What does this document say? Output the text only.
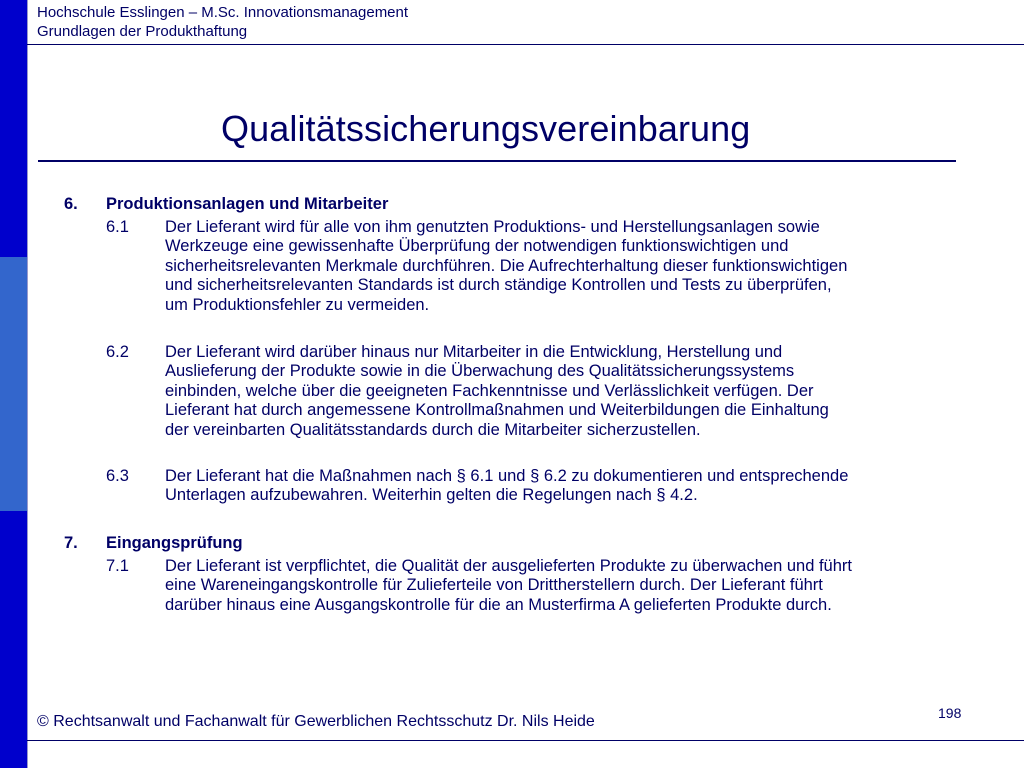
Hochschule Esslingen – M.Sc. Innovationsmanagement
Grundlagen der Produkthaftung
Qualitätssicherungsvereinbarung
6. Produktionsanlagen und Mitarbeiter
6.1 Der Lieferant wird für alle von ihm genutzten Produktions- und Herstellungsanlagen sowie
Werkzeuge eine gewissenhafte Überprüfung der notwendigen funktionswichtigen und
sicherheitsrelevanten Merkmale durchführen. Die Aufrechterhaltung dieser funktionswichtigen
und sicherheitsrelevanten Standards ist durch ständige Kontrollen und Tests zu überprüfen,
um Produktionsfehler zu vermeiden.
6.2 Der Lieferant wird darüber hinaus nur Mitarbeiter in die Entwicklung, Herstellung und
Auslieferung der Produkte sowie in die Überwachung des Qualitätssicherungssystems
einbinden, welche über die geeigneten Fachkenntnisse und Verlässlichkeit verfügen. Der
Lieferant hat durch angemessene Kontrollmaßnahmen und Weiterbildungen die Einhaltung
der vereinbarten Qualitätsstandards durch die Mitarbeiter sicherzustellen.
6.3 Der Lieferant hat die Maßnahmen nach § 6.1 und § 6.2 zu dokumentieren und entsprechende
Unterlagen aufzubewahren. Weiterhin gelten die Regelungen nach § 4.2.
7. Eingangsprüfung
7.1 Der Lieferant ist verpflichtet, die Qualität der ausgelieferten Produkte zu überwachen und führt
eine Wareneingangskontrolle für Zulieferteile von Drittherstellern durch. Der Lieferant führt
darüber hinaus eine Ausgangskontrolle für die an Musterfirma A gelieferten Produkte durch.
198
© Rechtsanwalt und Fachanwalt für Gewerblichen Rechtsschutz Dr. Nils Heide
